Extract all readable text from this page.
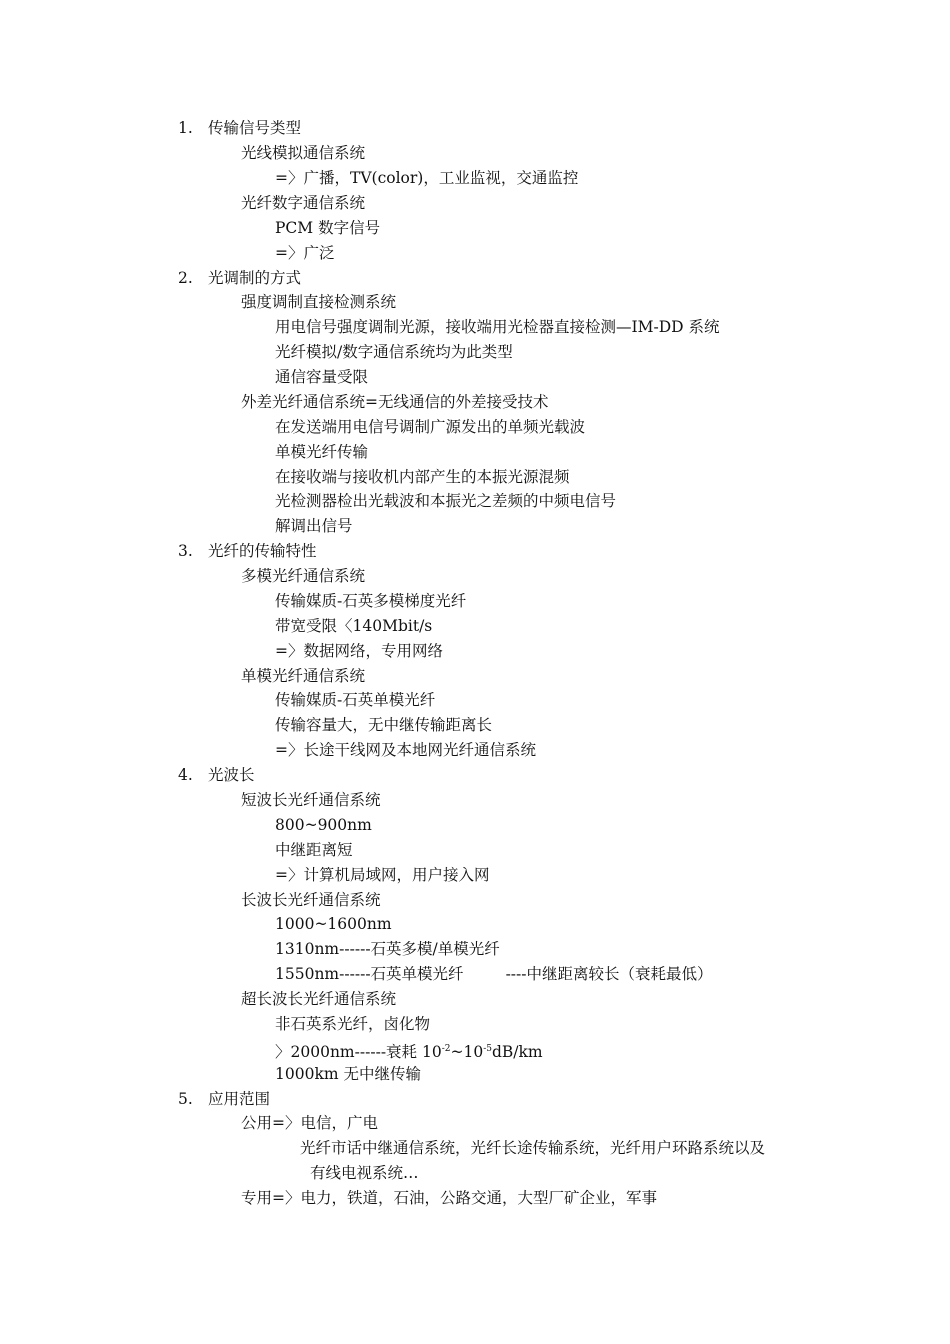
1. 传输信号类型
光线模拟通信系统
=〉广播，TV(color)，工业监视，交通监控
光纤数字通信系统
PCM 数字信号
=〉广泛
2. 光调制的方式
强度调制直接检测系统
用电信号强度调制光源，接收端用光检器直接检测—IM-DD 系统
光纤模拟/数字通信系统均为此类型
通信容量受限
外差光纤通信系统=无线通信的外差接受技术
在发送端用电信号调制广源发出的单频光载波
单模光纤传输
在接收端与接收机内部产生的本振光源混频
光检测器检出光载波和本振光之差频的中频电信号
解调出信号
3. 光纤的传输特性
多模光纤通信系统
传输媒质-石英多模梯度光纤
带宽受限〈140Mbit/s
=〉数据网络，专用网络
单模光纤通信系统
传输媒质-石英单模光纤
传输容量大，无中继传输距离长
=〉长途干线网及本地网光纤通信系统
4. 光波长
短波长光纤通信系统
800~900nm
中继距离短
=〉计算机局域网，用户接入网
长波长光纤通信系统
1000~1600nm
1310nm------石英多模/单模光纤
1550nm------石英单模光纤	----中继距离较长（衰耗最低）
超长波长光纤通信系统
非石英系光纤，卤化物
〉2000nm------衰耗 $10^{-2}\sim 10^{-5}dB/km$
1000km 无中继传输
5. 应用范围
公用=〉电信，广电
光纤市话中继通信系统，光纤长途传输系统，光纤用户环路系统以及
有线电视系统…
专用=〉电力，铁道，石油，公路交通，大型厂矿企业，军事
